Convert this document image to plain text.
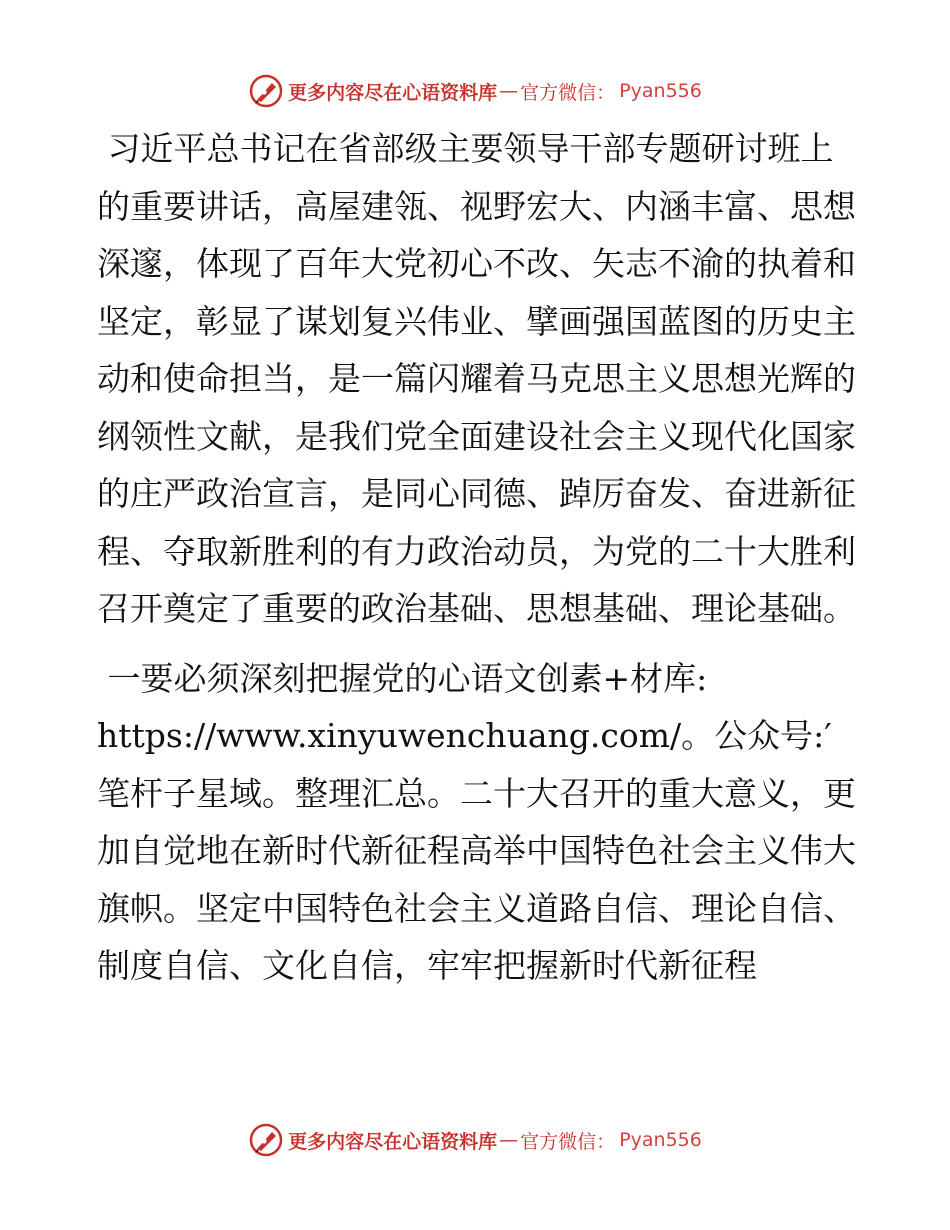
更多内容尽在心语资料库 — 官方微信： Pyan556

习近平总书记在省部级主要领导干部专题研讨班上的重要讲话，高屋建瓴、视野宏大、内涵丰富、思想深邃，体现了百年大党初心不改、矢志不渝的执着和坚定，彰显了谋划复兴伟业、擘画强国蓝图的历史主动和使命担当，是一篇闪耀着马克思主义思想光辉的纲领性文献，是我们党全面建设社会主义现代化国家的庄严政治宣言，是同心同德、踔厉奋发、奋进新征程、夺取新胜利的有力政治动员，为党的二十大胜利召开奠定了重要的政治基础、思想基础、理论基础。

一要必须深刻把握党的心语文创素+材库:
https://www.xinyuwenchuang.com/。公众号:′笔杆子星域。整理汇总。二十大召开的重大意义，更加自觉地在新时代新征程高举中国特色社会主义伟大旗帜。坚定中国特色社会主义道路自信、理论自信、制度自信、文化自信，牢牢把握新时代新征程

更多内容尽在心语资料库 — 官方微信： Pyan556
